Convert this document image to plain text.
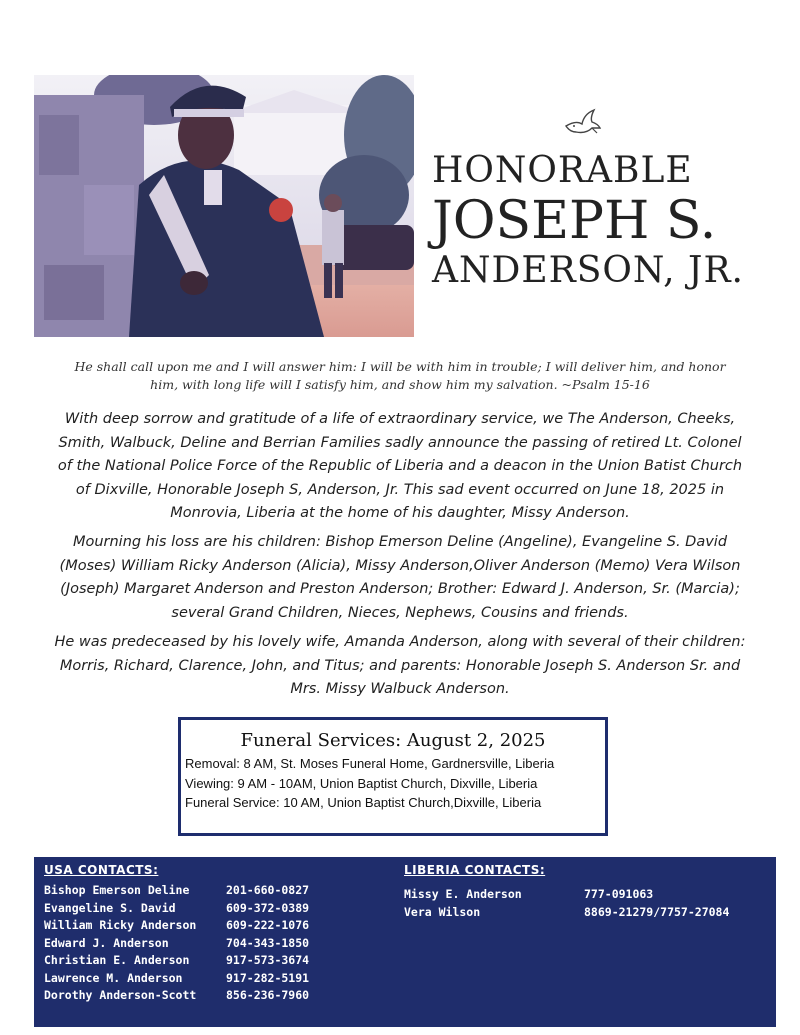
HONORABLE
JOSEPH S.
ANDERSON, JR.

He shall call upon me and I will answer him: I will be with him in trouble; I will deliver him, and honor him, with long life will I satisfy him, and show him my salvation. ~Psalm 15-16

With deep sorrow and gratitude of a life of extraordinary service, we The Anderson, Cheeks, Smith, Walbuck, Deline and Berrian Families sadly announce the passing of retired Lt. Colonel of the National Police Force of the Republic of Liberia and a deacon in the Union Batist Church of Dixville, Honorable Joseph S, Anderson, Jr. This sad event occurred on June 18, 2025 in Monrovia, Liberia at the home of his daughter, Missy Anderson.

Mourning his loss are his children: Bishop Emerson Deline (Angeline), Evangeline S. David (Moses) William Ricky Anderson (Alicia), Missy Anderson,Oliver Anderson (Memo) Vera Wilson (Joseph) Margaret Anderson and Preston Anderson; Brother: Edward J. Anderson, Sr. (Marcia); several Grand Children, Nieces, Nephews, Cousins and friends.

He was predeceased by his lovely wife, Amanda Anderson, along with several of their children: Morris, Richard, Clarence, John, and Titus; and parents: Honorable Joseph S. Anderson Sr. and Mrs. Missy Walbuck Anderson.

Funeral Services: August 2, 2025
Removal: 8 AM, St. Moses Funeral Home, Gardnersville, Liberia
Viewing: 9 AM - 10AM, Union Baptist Church, Dixville, Liberia
Funeral Service: 10 AM, Union Baptist Church,Dixville, Liberia
USA CONTACTS:	LIBERIA CONTACTS:
Bishop Emerson Deline	201-660-0827
Evangeline S. David	609-372-0389
William Ricky Anderson	609-222-1076
Edward J. Anderson	704-343-1850
Christian E. Anderson	917-573-3674
Lawrence M. Anderson	917-282-5191
Dorothy Anderson-Scott	856-236-7960
Missy E. Anderson	777-091063
Vera Wilson	8869-21279/7757-27084
